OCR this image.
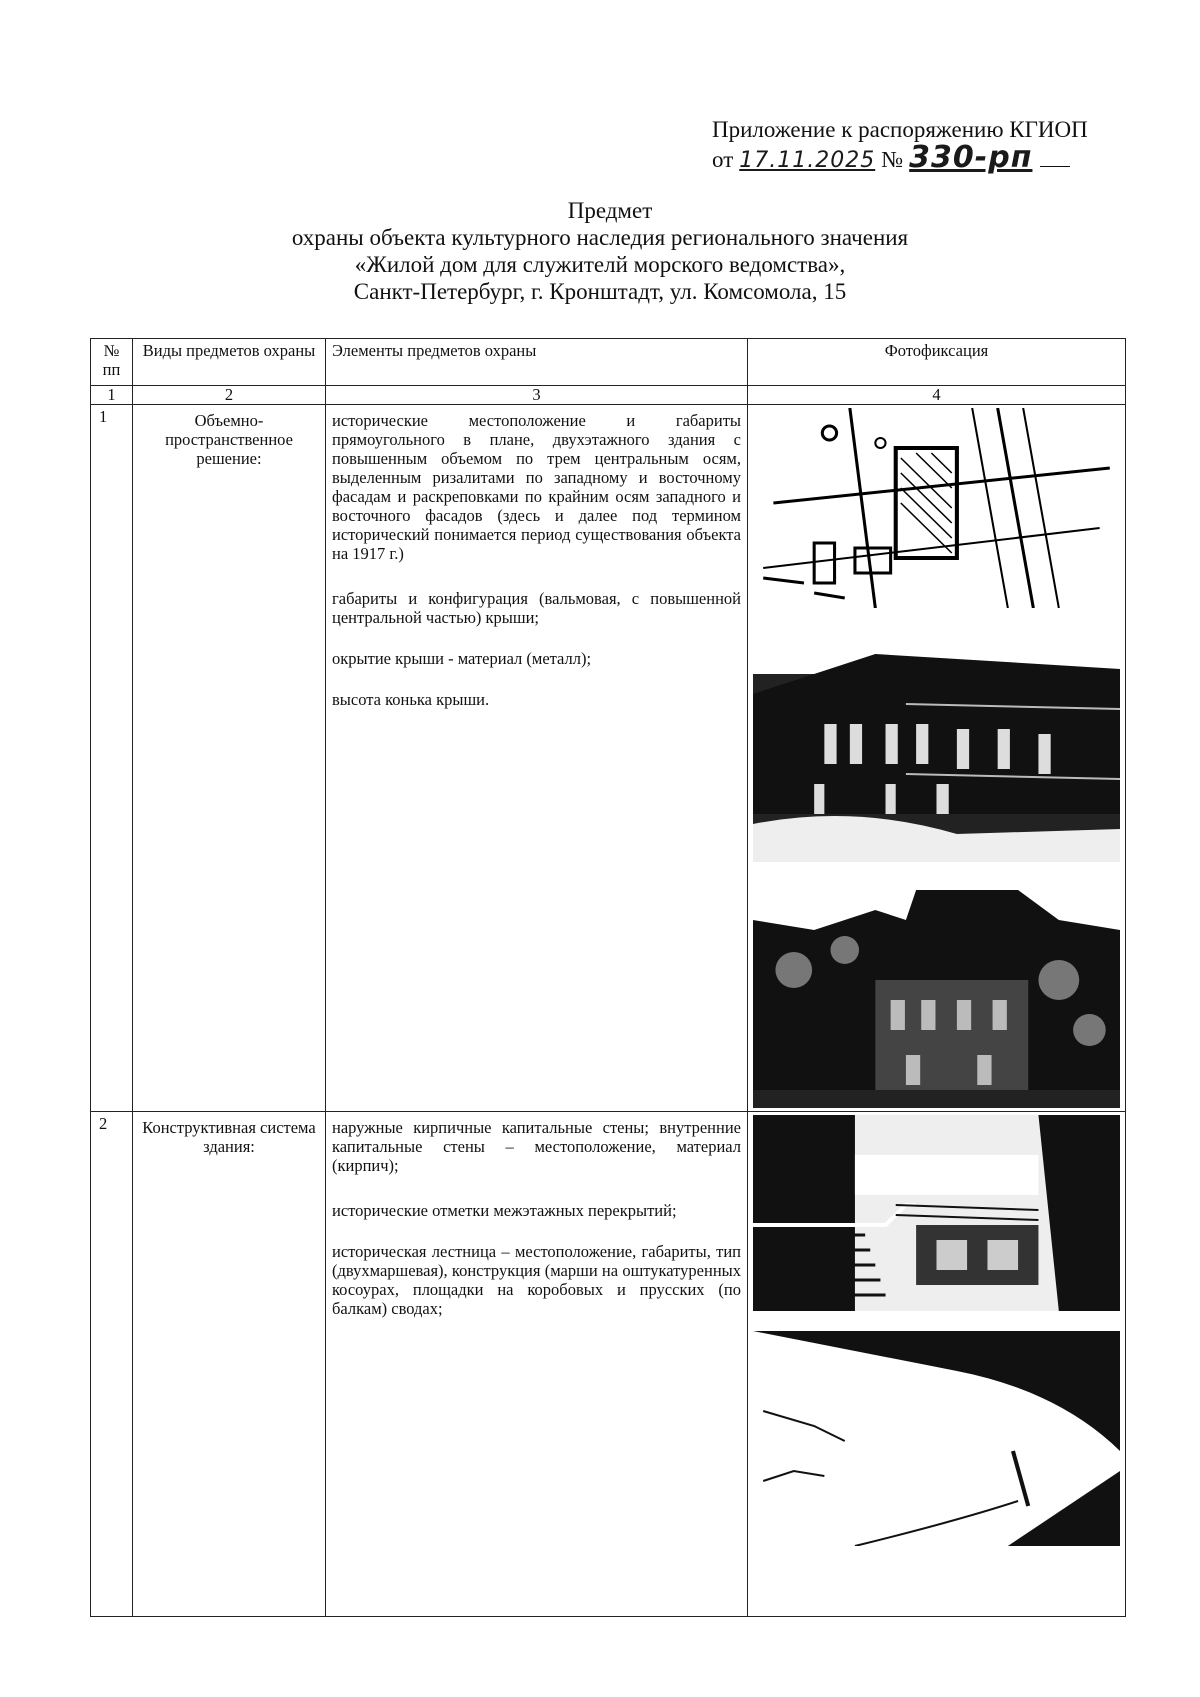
Приложение к распоряжению КГИОП
от 17.11.2025 № 330-рп
Предмет
охраны объекта культурного наследия регионального значения
«Жилой дом для служителй морского ведомства»,
Санкт-Петербург, г. Кронштадт, ул. Комсомола, 15
№ пп	Виды предметов охраны	Элементы предметов охраны	Фотофиксация
1	2	3	4
1	Объемно-пространственное решение:	исторические местоположение и габариты прямоугольного в плане, двухэтажного здания с повышенным объемом по трем центральным осям, выделенным ризалитами по западному и восточному фасадам и раскреповками по крайним осям западного и восточного фасадов (здесь и далее под термином исторический понимается период существования объекта на 1917 г.)

габариты и конфигурация (вальмовая, с повышенной центральной частью) крыши;

окрытие крыши - материал (металл);

высота конька крыши.

2	Конструктивная система здания:	наружные кирпичные капитальные стены; внутренние капитальные стены – местоположение, материал (кирпич);

исторические отметки межэтажных перекрытий;

историческая лестница – местоположение, габариты, тип (двухмаршевая), конструкция (марши на оштукатуренных косоурах, площадки на коробовых и прусских (по балкам) сводах;
